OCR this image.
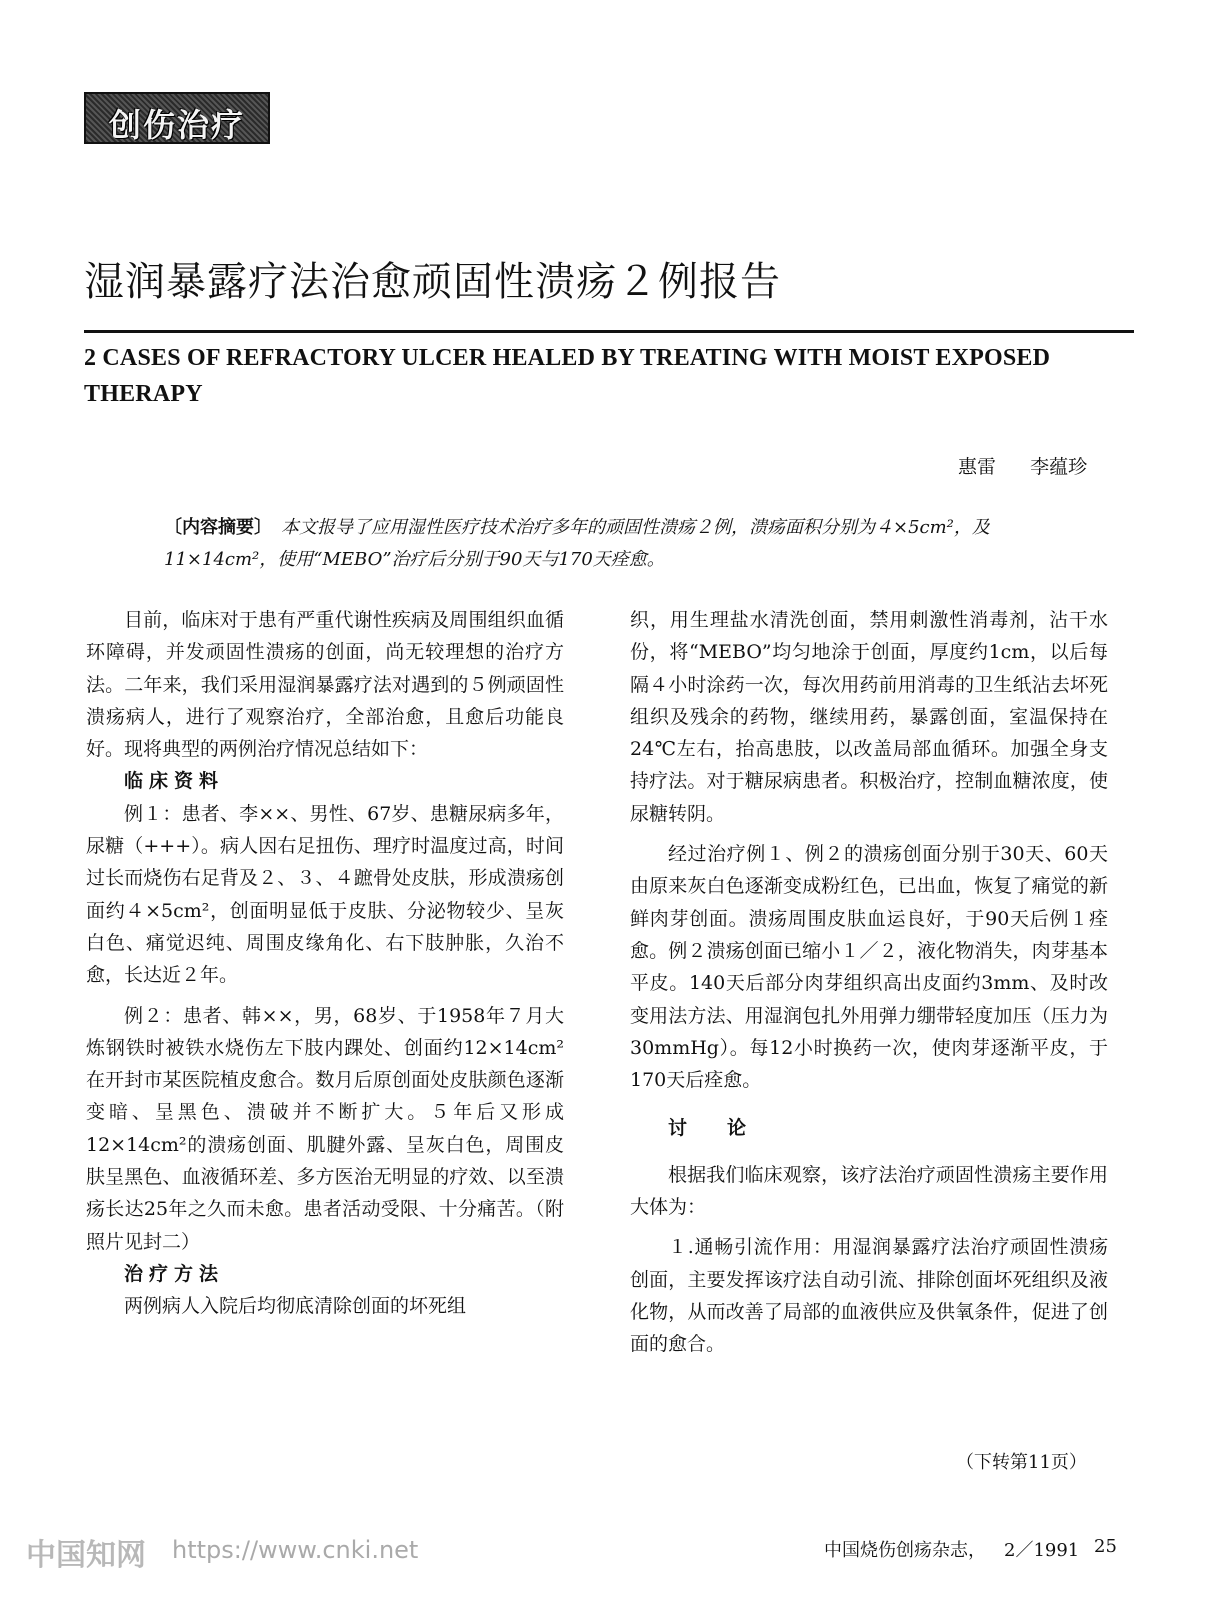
创伤治疗
湿润暴露疗法治愈顽固性溃疡２例报告
2 CASES OF REFRACTORY ULCER HEALED BY TREATING WITH MOIST EXPOSED THERAPY
惠雷 李蕴珍
〔内容摘要〕　本文报导了应用湿性医疗技术治疗多年的顽固性溃疡２例，溃疡面积分别为４×5cm²，及11×14cm²，使用“MEBO”治疗后分别于90天与170天痊愈。

目前，临床对于患有严重代谢性疾病及周围组织血循环障碍，并发顽固性溃疡的创面，尚无较理想的治疗方法。二年来，我们采用湿润暴露疗法对遇到的５例顽固性溃疡病人，进行了观察治疗，全部治愈，且愈后功能良好。现将典型的两例治疗情况总结如下：

临床资料

例１：患者、李××、男性、67岁、患糖尿病多年，尿糖（+++）。病人因右足扭伤、理疗时温度过高，时间过长而烧伤右足背及２、３、４蹠骨处皮肤，形成溃疡创面约４×5cm²，创面明显低于皮肤、分泌物较少、呈灰白色、痛觉迟纯、周围皮缘角化、右下肢肿胀，久治不愈，长达近２年。

例２：患者、韩××，男，68岁、于1958年７月大炼钢铁时被铁水烧伤左下肢内踝处、创面约12×14cm²在开封市某医院植皮愈合。数月后原创面处皮肤颜色逐渐变暗、呈黑色、溃破并不断扩大。５年后又形成12×14cm²的溃疡创面、肌腱外露、呈灰白色，周围皮肤呈黑色、血液循环差、多方医治无明显的疗效、以至溃疡长达25年之久而未愈。患者活动受限、十分痛苦。（附照片见封二）

治疗方法

两例病人入院后均彻底清除创面的坏死组

织，用生理盐水清洗创面，禁用刺激性消毒剂，沾干水份，将“MEBO”均匀地涂于创面，厚度约1cm，以后每隔４小时涂药一次，每次用药前用消毒的卫生纸沾去坏死组织及残余的药物，继续用药，暴露创面，室温保持在24℃左右，抬高患肢，以改盖局部血循环。加强全身支持疗法。对于糖尿病患者。积极治疗，控制血糖浓度，使尿糖转阴。

经过治疗例１、例２的溃疡创面分别于30天、60天由原来灰白色逐渐变成粉红色，已出血，恢复了痛觉的新鲜肉芽创面。溃疡周围皮肤血运良好，于90天后例１痊愈。例２溃疡创面已缩小１／２，液化物消失，肉芽基本平皮。140天后部分肉芽组织高出皮面约3mm、及时改变用法方法、用湿润包扎外用弹力绷带轻度加压（压力为30mmHg）。每12小时换药一次，使肉芽逐渐平皮，于170天后痊愈。

讨论

根据我们临床观察，该疗法治疗顽固性溃疡主要作用大体为：

１.通畅引流作用：用湿润暴露疗法治疗顽固性溃疡创面，主要发挥该疗法自动引流、排除创面坏死组织及液化物，从而改善了局部的血液供应及供氧条件，促进了创面的愈合。

（下转第11页）
中国知网 https://www.cnki.net	中国烧伤创疡杂志， 2／1991 25
